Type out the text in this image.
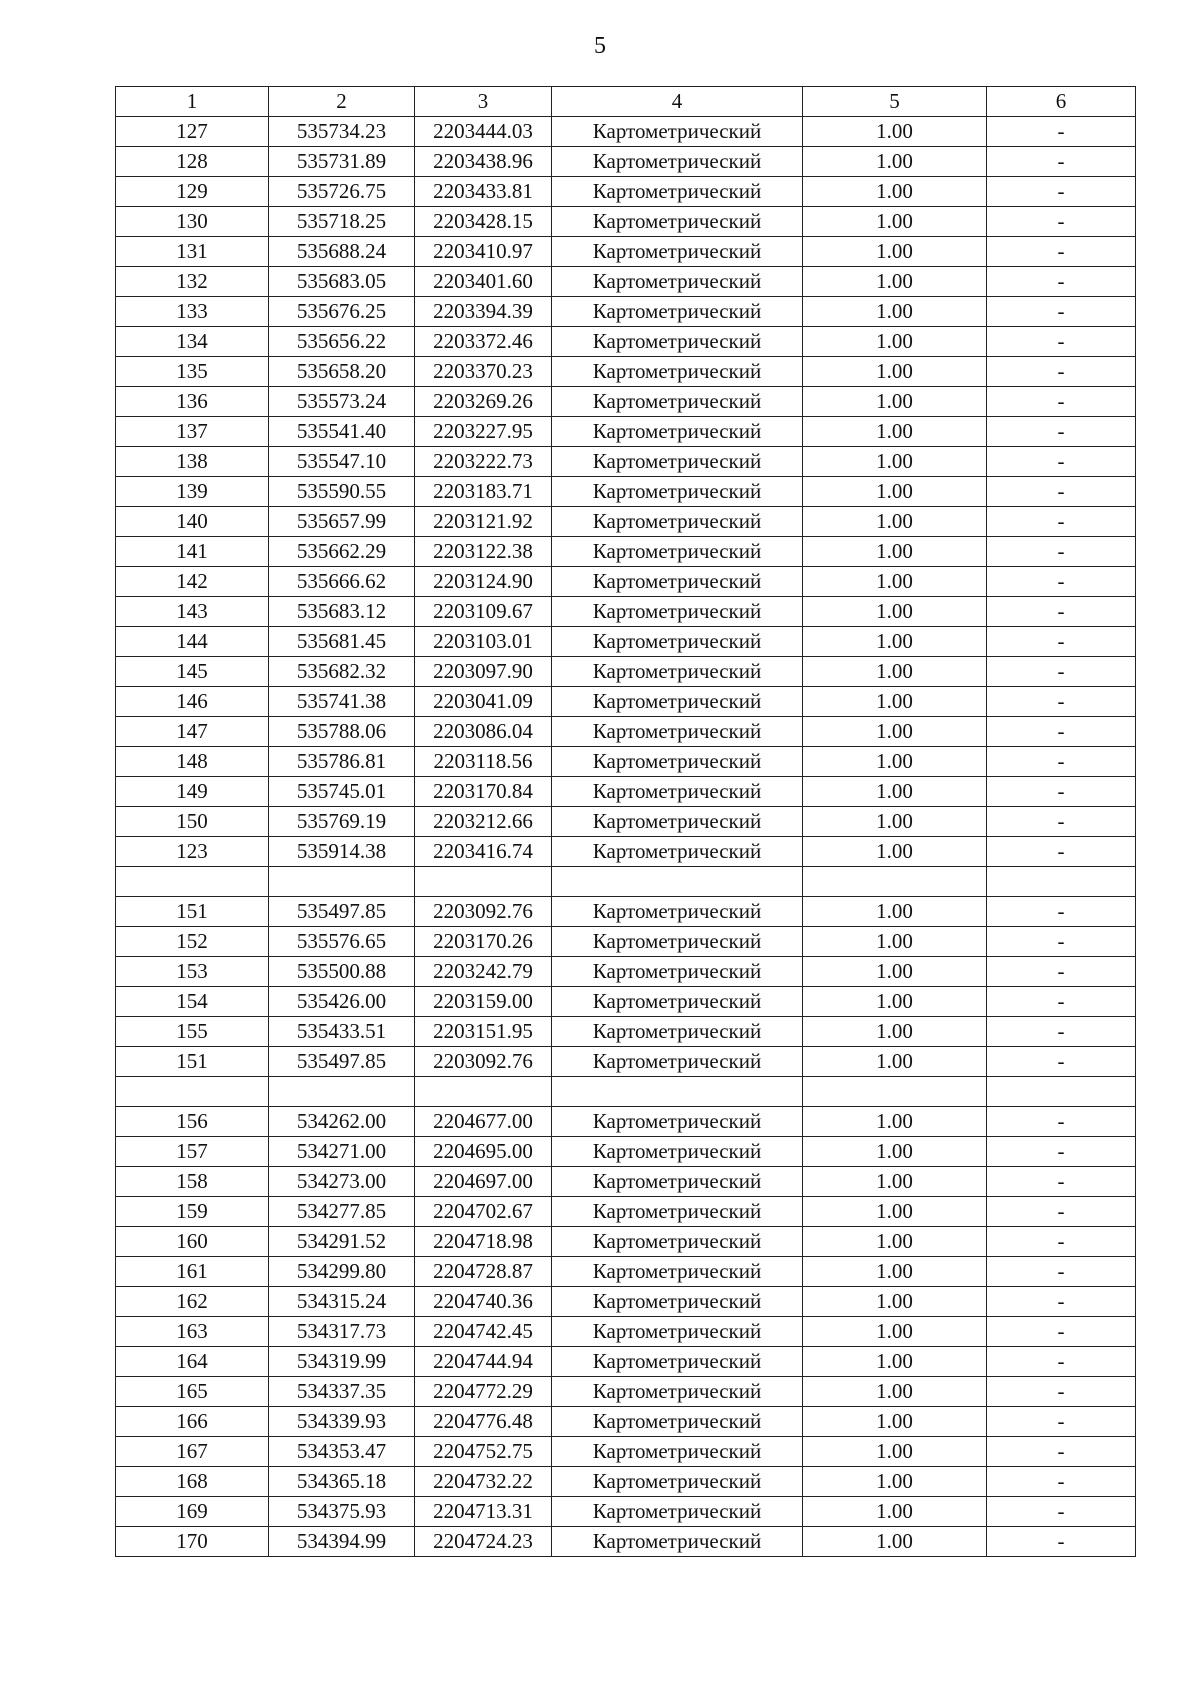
5
1	2	3	4	5	6
127	535734.23	2203444.03	Картометрический	1.00	-
128	535731.89	2203438.96	Картометрический	1.00	-
129	535726.75	2203433.81	Картометрический	1.00	-
130	535718.25	2203428.15	Картометрический	1.00	-
131	535688.24	2203410.97	Картометрический	1.00	-
132	535683.05	2203401.60	Картометрический	1.00	-
133	535676.25	2203394.39	Картометрический	1.00	-
134	535656.22	2203372.46	Картометрический	1.00	-
135	535658.20	2203370.23	Картометрический	1.00	-
136	535573.24	2203269.26	Картометрический	1.00	-
137	535541.40	2203227.95	Картометрический	1.00	-
138	535547.10	2203222.73	Картометрический	1.00	-
139	535590.55	2203183.71	Картометрический	1.00	-
140	535657.99	2203121.92	Картометрический	1.00	-
141	535662.29	2203122.38	Картометрический	1.00	-
142	535666.62	2203124.90	Картометрический	1.00	-
143	535683.12	2203109.67	Картометрический	1.00	-
144	535681.45	2203103.01	Картометрический	1.00	-
145	535682.32	2203097.90	Картометрический	1.00	-
146	535741.38	2203041.09	Картометрический	1.00	-
147	535788.06	2203086.04	Картометрический	1.00	-
148	535786.81	2203118.56	Картометрический	1.00	-
149	535745.01	2203170.84	Картометрический	1.00	-
150	535769.19	2203212.66	Картометрический	1.00	-
123	535914.38	2203416.74	Картометрический	1.00	-

151	535497.85	2203092.76	Картометрический	1.00	-
152	535576.65	2203170.26	Картометрический	1.00	-
153	535500.88	2203242.79	Картометрический	1.00	-
154	535426.00	2203159.00	Картометрический	1.00	-
155	535433.51	2203151.95	Картометрический	1.00	-
151	535497.85	2203092.76	Картометрический	1.00	-

156	534262.00	2204677.00	Картометрический	1.00	-
157	534271.00	2204695.00	Картометрический	1.00	-
158	534273.00	2204697.00	Картометрический	1.00	-
159	534277.85	2204702.67	Картометрический	1.00	-
160	534291.52	2204718.98	Картометрический	1.00	-
161	534299.80	2204728.87	Картометрический	1.00	-
162	534315.24	2204740.36	Картометрический	1.00	-
163	534317.73	2204742.45	Картометрический	1.00	-
164	534319.99	2204744.94	Картометрический	1.00	-
165	534337.35	2204772.29	Картометрический	1.00	-
166	534339.93	2204776.48	Картометрический	1.00	-
167	534353.47	2204752.75	Картометрический	1.00	-
168	534365.18	2204732.22	Картометрический	1.00	-
169	534375.93	2204713.31	Картометрический	1.00	-
170	534394.99	2204724.23	Картометрический	1.00	-
